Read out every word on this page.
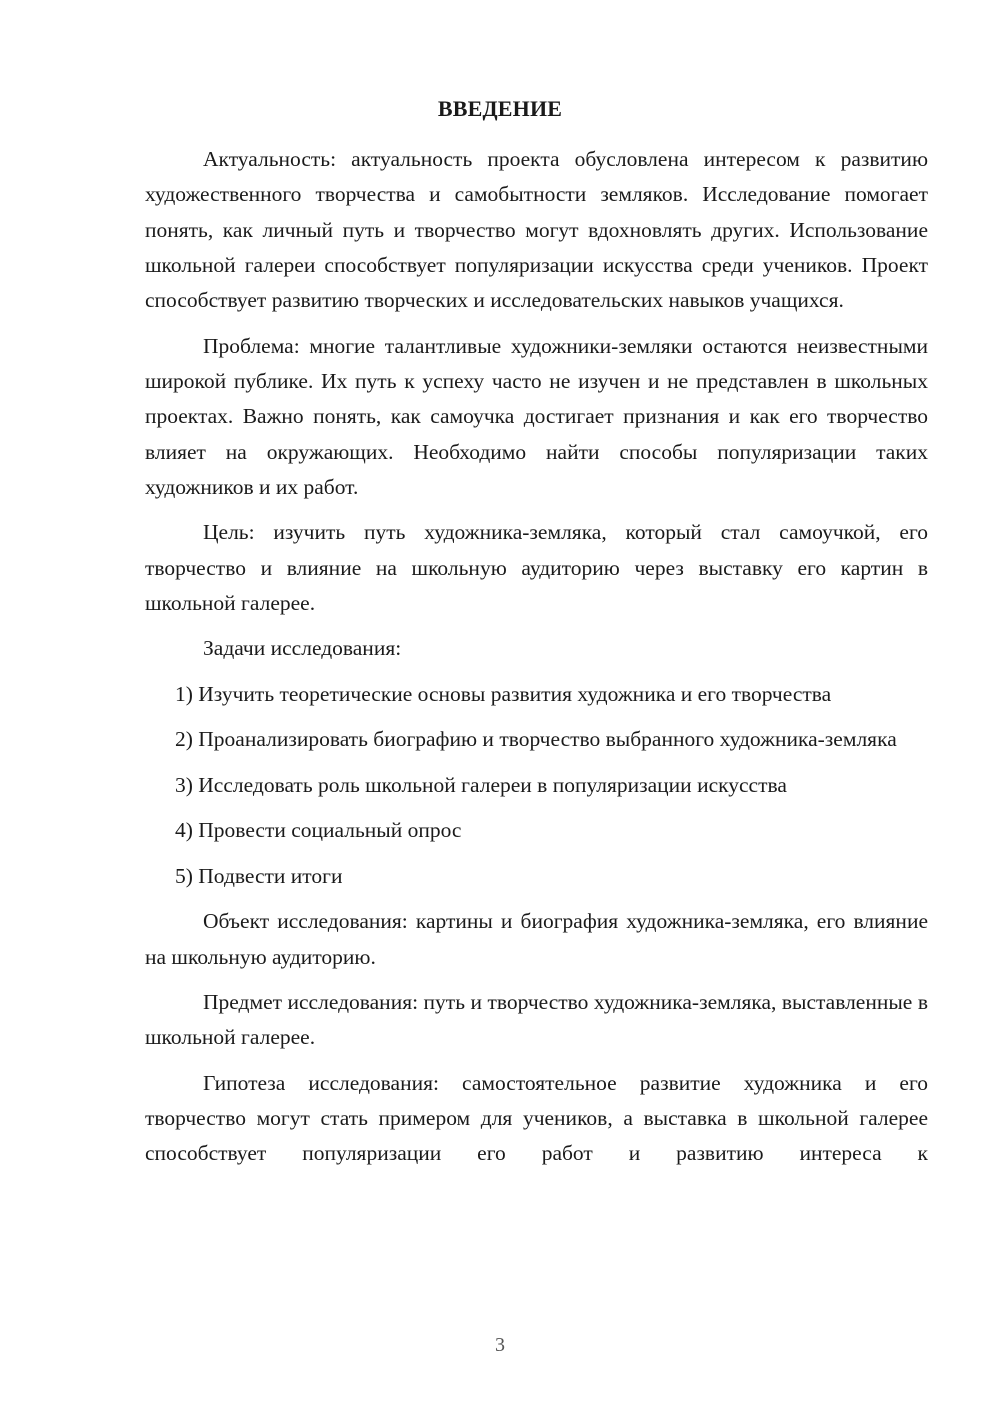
ВВЕДЕНИЕ

Актуальность: актуальность проекта обусловлена интересом к развитию художественного творчества и самобытности земляков. Исследование помогает понять, как личный путь и творчество могут вдохновлять других. Использование школьной галереи способствует популяризации искусства среди учеников. Проект способствует развитию творческих и исследовательских навыков учащихся.

Проблема: многие талантливые художники-земляки остаются неизвестными широкой публике. Их путь к успеху часто не изучен и не представлен в школьных проектах. Важно понять, как самоучка достигает признания и как его творчество влияет на окружающих. Необходимо найти способы популяризации таких художников и их работ.

Цель: изучить путь художника-земляка, который стал самоучкой, его творчество и влияние на школьную аудиторию через выставку его картин в школьной галерее.

Задачи исследования:

1) Изучить теоретические основы развития художника и его творчества

2) Проанализировать биографию и творчество выбранного художника-земляка

3) Исследовать роль школьной галереи в популяризации искусства

4) Провести социальный опрос

5) Подвести итоги

Объект исследования: картины и биография художника-земляка, его влияние на школьную аудиторию.

Предмет исследования: путь и творчество художника-земляка, выставленные в школьной галерее.

Гипотеза исследования: самостоятельное развитие художника и его творчество могут стать примером для учеников, а выставка в школьной галерее способствует популяризации его работ и развитию интереса к

3
